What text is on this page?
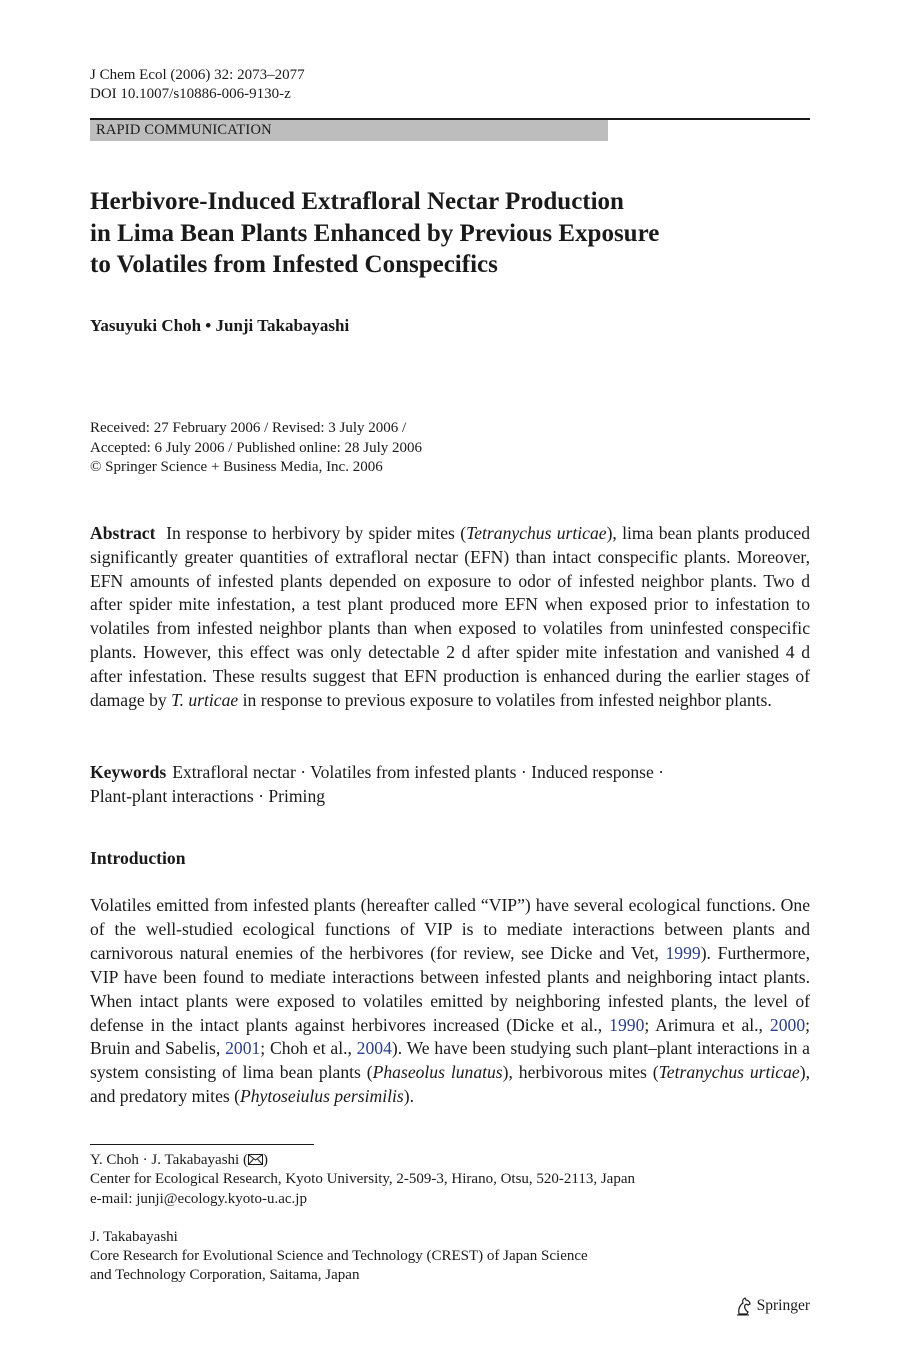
J Chem Ecol (2006) 32: 2073–2077
DOI 10.1007/s10886-006-9130-z
RAPID COMMUNICATION
Herbivore-Induced Extrafloral Nectar Production
in Lima Bean Plants Enhanced by Previous Exposure
to Volatiles from Infested Conspecifics
Yasuyuki Choh • Junji Takabayashi
Received: 27 February 2006 / Revised: 3 July 2006 /
Accepted: 6 July 2006 / Published online: 28 July 2006
© Springer Science + Business Media, Inc. 2006
Abstract In response to herbivory by spider mites (Tetranychus urticae), lima bean plants produced significantly greater quantities of extrafloral nectar (EFN) than intact conspecific plants. Moreover, EFN amounts of infested plants depended on exposure to odor of infested neighbor plants. Two d after spider mite infestation, a test plant produced more EFN when exposed prior to infestation to volatiles from infested neighbor plants than when exposed to volatiles from uninfested conspecific plants. However, this effect was only detectable 2 d after spider mite infestation and vanished 4 d after infestation. These results suggest that EFN production is enhanced during the earlier stages of damage by T. urticae in response to previous exposure to volatiles from infested neighbor plants.
Keywords Extrafloral nectar · Volatiles from infested plants · Induced response ·
Plant-plant interactions · Priming
Introduction
Volatiles emitted from infested plants (hereafter called “VIP”) have several ecological functions. One of the well-studied ecological functions of VIP is to mediate interactions between plants and carnivorous natural enemies of the herbivores (for review, see Dicke and Vet, 1999). Furthermore, VIP have been found to mediate interactions between infested plants and neighboring intact plants. When intact plants were exposed to volatiles emitted by neighboring infested plants, the level of defense in the intact plants against herbivores increased (Dicke et al., 1990; Arimura et al., 2000; Bruin and Sabelis, 2001; Choh et al., 2004). We have been studying such plant–plant interactions in a system consisting of lima bean plants (Phaseolus lunatus), herbivorous mites (Tetranychus urticae), and predatory mites (Phytoseiulus persimilis).
Y. Choh · J. Takabayashi ( )
Center for Ecological Research, Kyoto University, 2-509-3, Hirano, Otsu, 520-2113, Japan
e-mail: junji@ecology.kyoto-u.ac.jp
J. Takabayashi
Core Research for Evolutional Science and Technology (CREST) of Japan Science
and Technology Corporation, Saitama, Japan
Springer
